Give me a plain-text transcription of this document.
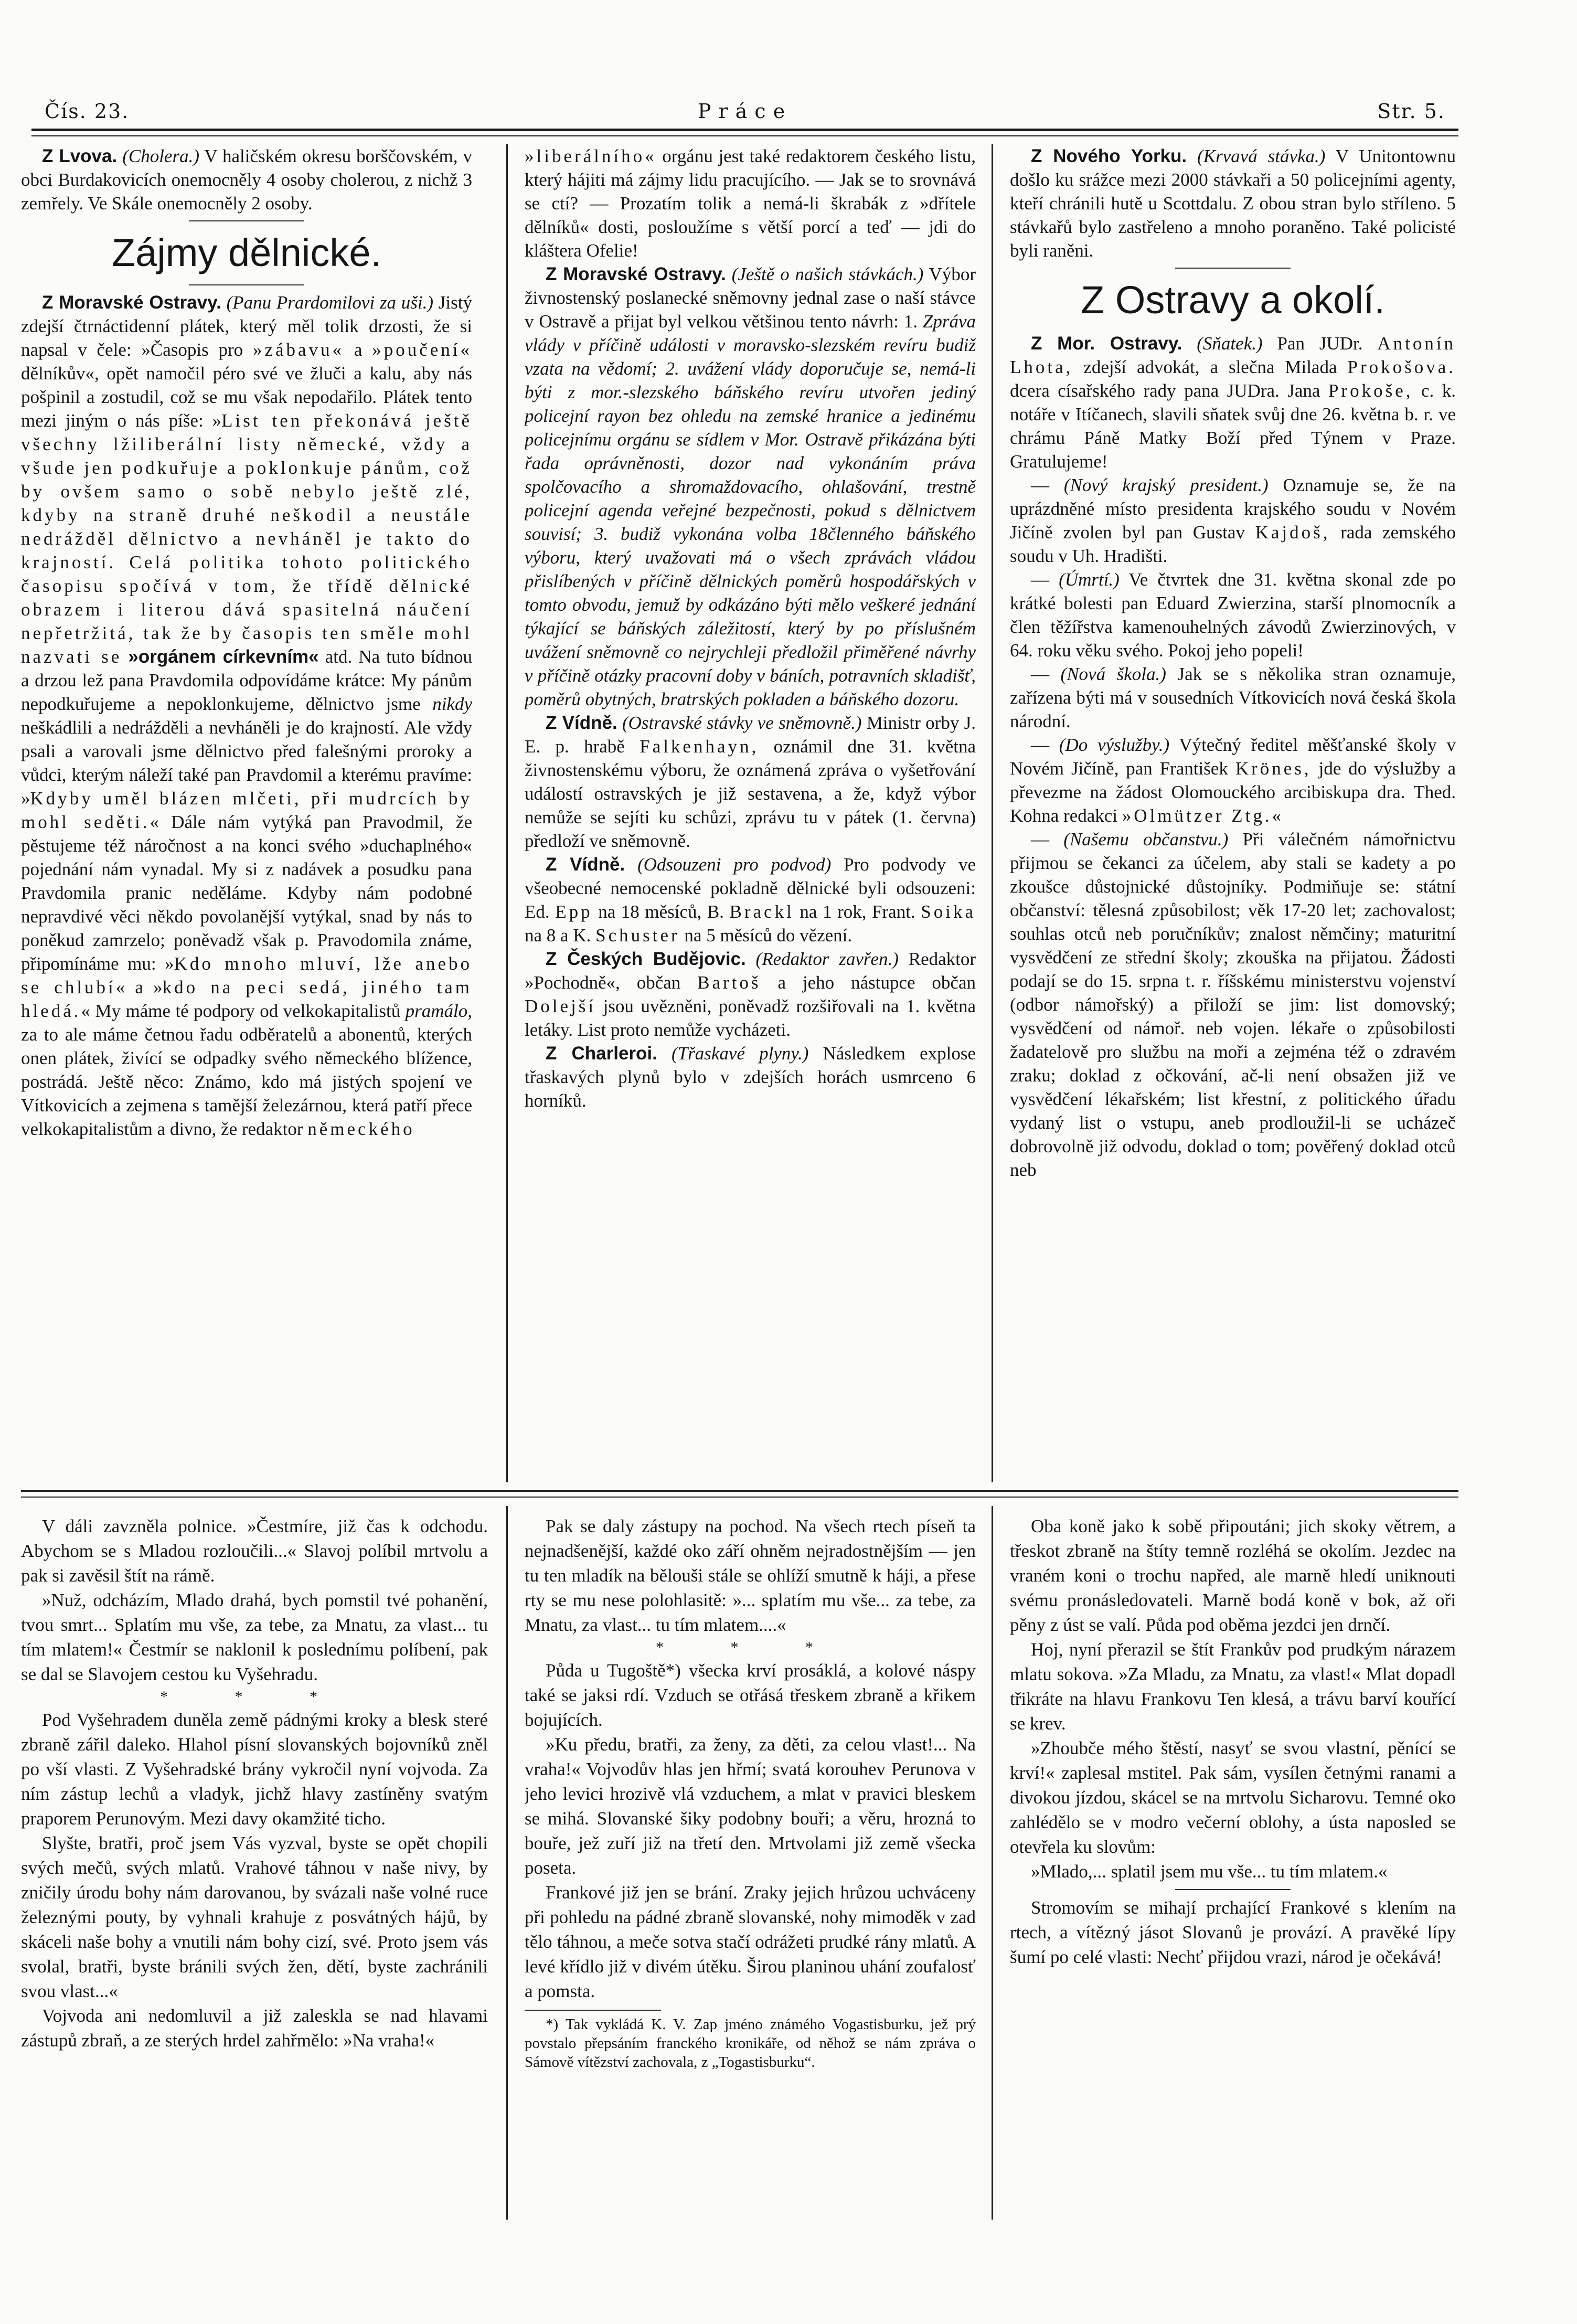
Čís. 23.	Práce	Str. 5.

Z Lvova. (Cholera.) V haličském okresu borščovském, v obci Burdakovicích onemocněly 4 osoby cholerou, z nichž 3 zemřely. Ve Skále onemocněly 2 osoby.

Zájmy dělnické.

Z Moravské Ostravy. (Panu Prardomilovi za uši.) Jistý zdejší čtrnáctidenní plátek, který měl tolik drzosti, že si napsal v čele: »Časopis pro »zábavu« a »poučení« dělníkův«, opět namočil péro své ve žluči a kalu, aby nás pošpinil a zostudil, což se mu však nepodařilo. Plátek tento mezi jiným o nás píše: »List ten překonává ještě všechny lžiliberální listy německé, vždy a všude jen podkuřuje a poklonkuje pánům, což by ovšem samo o sobě nebylo ještě zlé, kdyby na straně druhé neškodil a neustále nedrážděl dělnictvo a nevháněl je takto do krajností. Celá politika tohoto politického časopisu spočívá v tom, že třídě dělnické obrazem i literou dává spasitelná náučení nepřetržitá, tak že by časopis ten směle mohl nazvati se »orgánem církevním« atd. Na tuto bídnou a drzou lež pana Pravdomila odpovídáme krátce: My pánům nepodkuřujeme a nepoklonkujeme, dělnictvo jsme nikdy neškádlili a nedrážděli a nevháněli je do krajností. Ale vždy psali a varovali jsme dělnictvo před falešnými proroky a vůdci, kterým náleží také pan Pravdomil a kterému pravíme: »Kdyby uměl blázen mlčeti, při mudrcích by mohl seděti.« Dále nám vytýká pan Pravodmil, že pěstujeme též náročnost a na konci svého »duchaplného« pojednání nám vynadal. My si z nadávek a posudku pana Pravdomila pranic neděláme. Kdyby nám podobné nepravdivé věci někdo povolanější vytýkal, snad by nás to poněkud zamrzelo; poněvadž však p. Pravodomila známe, připomínáme mu: »Kdo mnoho mluví, lže anebo se chlubí« a »kdo na peci sedá, jiného tam hledá.« My máme té podpory od velkokapitalistů pramálo, za to ale máme četnou řadu odběratelů a abonentů, kterých onen plátek, živící se odpadky svého německého blížence, postrádá. Ještě něco: Známo, kdo má jistých spojení ve Vítkovicích a zejmena s tamější železárnou, která patří přece velkokapitalistům a divno, že redaktor německého

»liberálního« orgánu jest také redaktorem českého listu, který hájiti má zájmy lidu pracujícího. — Jak se to srovnává se ctí? — Prozatím tolik a nemá-li škrabák z »dřítele dělníků« dosti, posloužíme s větší porcí a teď — jdi do kláštera Ofelie!

Z Moravské Ostravy. (Ještě o našich stávkách.) Výbor živnostenský poslanecké sněmovny jednal zase o naší stávce v Ostravě a přijat byl velkou většinou tento návrh: 1. Zpráva vlády v příčině události v moravsko-slezském revíru budiž vzata na vědomí; 2. uvážení vlády doporučuje se, nemá-li býti z mor.-slezského báňského revíru utvořen jediný policejní rayon bez ohledu na zemské hranice a jedinému policejnímu orgánu se sídlem v Mor. Ostravě přikázána býti řada oprávněnosti, dozor nad vykonáním práva spolčovacího a shromaždovacího, ohlašování, trestně policejní agenda veřejné bezpečnosti, pokud s dělnictvem souvisí; 3. budiž vykonána volba 18členného báňského výboru, který uvažovati má o všech zprávách vládou přislíbených v příčině dělnických poměrů hospodářských v tomto obvodu, jemuž by odkázáno býti mělo veškeré jednání týkající se báňských záležitostí, který by po příslušném uvážení sněmovně co nejrychleji předložil přiměřené návrhy v příčině otázky pracovní doby v báních, potravních skladišť, poměrů obytných, bratrských pokladen a báňského dozoru.

Z Vídně. (Ostravské stávky ve sněmovně.) Ministr orby J. E. p. hrabě Falkenhayn, oznámil dne 31. května živnostenskému výboru, že oznámená zpráva o vyšetřování událostí ostravských je již sestavena, a že, když výbor nemůže se sejíti ku schůzi, zprávu tu v pátek (1. června) předloží ve sněmovně.

Z Vídně. (Odsouzeni pro podvod) Pro podvody ve všeobecné nemocenské pokladně dělnické byli odsouzeni: Ed. Epp na 18 měsíců, B. Brackl na 1 rok, Frant. Soika na 8 a K. Schuster na 5 měsíců do vězení.

Z Českých Budějovic. (Redaktor zavřen.) Redaktor »Pochodně«, občan Bartoš a jeho nástupce občan Dolejší jsou uvězněni, poněvadž rozšiřovali na 1. května letáky. List proto nemůže vycházeti.

Z Charleroi. (Třaskavé plyny.) Následkem explose třaskavých plynů bylo v zdejších horách usmrceno 6 horníků.

Z Nového Yorku. (Krvavá stávka.) V Unitontownu došlo ku srážce mezi 2000 stávkaři a 50 policejními agenty, kteří chránili hutě u Scottdalu. Z obou stran bylo stříleno. 5 stávkařů bylo zastřeleno a mnoho poraněno. Také policisté byli raněni.

Z Ostravy a okolí.

Z Mor. Ostravy. (Sňatek.) Pan JUDr. Antonín Lhota, zdejší advokát, a slečna Milada Prokošova. dcera císařského rady pana JUDra. Jana Prokoše, c. k. notáře v Itíčanech, slavili sňatek svůj dne 26. května b. r. ve chrámu Páně Matky Boží před Týnem v Praze. Gratulujeme!

— (Nový krajský president.) Oznamuje se, že na uprázdněné místo presidenta krajského soudu v Novém Jičíně zvolen byl pan Gustav Kajdoš, rada zemského soudu v Uh. Hradišti.

— (Úmrtí.) Ve čtvrtek dne 31. května skonal zde po krátké bolesti pan Eduard Zwierzina, starší plnomocník a člen těžířstva kamenouhelných závodů Zwierzinových, v 64. roku věku svého. Pokoj jeho popeli!

— (Nová škola.) Jak se s několika stran oznamuje, zařízena býti má v sousedních Vítkovicích nová česká škola národní.

— (Do výslužby.) Výtečný ředitel měšťanské školy v Novém Jičíně, pan František Krönes, jde do výslužby a převezme na žádost Olomouckého arcibiskupa dra. Thed. Kohna redakci »Olmützer Ztg.«

— (Našemu občanstvu.) Při válečném námořnictvu přijmou se čekanci za účelem, aby stali se kadety a po zkoušce důstojnické důstojníky. Podmiňuje se: státní občanství: tělesná způsobilost; věk 17-20 let; zachovalost; souhlas otců neb poručníkův; znalost němčiny; maturitní vysvědčení ze střední školy; zkouška na přijatou. Žádosti podají se do 15. srpna t. r. říšskému ministerstvu vojenství (odbor námořský) a přiloží se jim: list domovský; vysvědčení od námoř. neb vojen. lékaře o způsobilosti žadatelově pro službu na moři a zejména též o zdravém zraku; doklad z očkování, ač-li není obsažen již ve vysvědčení lékařském; list křestní, z politického úřadu vydaný list o vstupu, aneb prodloužil-li se ucházeč dobrovolně již odvodu, doklad o tom; pověřený doklad otců neb

V dáli zavzněla polnice. »Čestmíre, již čas k odchodu. Abychom se s Mladou rozloučili...« Slavoj políbil mrtvolu a pak si zavěsil štít na rámě.

»Nuž, odcházím, Mlado drahá, bych pomstil tvé pohanění, tvou smrt... Splatím mu vše, za tebe, za Mnatu, za vlast... tu tím mlatem!« Čestmír se naklonil k poslednímu políbení, pak se dal se Slavojem cestou ku Vyšehradu.

* * *

Pod Vyšehradem duněla země pádnými kroky a blesk steré zbraně zářil daleko. Hlahol písní slovanských bojovníků zněl po vší vlasti. Z Vyšehradské brány vykročil nyní vojvoda. Za ním zástup lechů a vladyk, jichž hlavy zastíněny svatým praporem Perunovým. Mezi davy okamžité ticho.

Slyšte, bratři, proč jsem Vás vyzval, byste se opět chopili svých mečů, svých mlatů. Vrahové táhnou v naše nivy, by zničily úrodu bohy nám darovanou, by svázali naše volné ruce železnými pouty, by vyhnali krahuje z posvátných hájů, by skáceli naše bohy a vnutili nám bohy cizí, své. Proto jsem vás svolal, bratři, byste bránili svých žen, dětí, byste zachránili svou vlast...«

Vojvoda ani nedomluvil a již zaleskla se nad hlavami zástupů zbraň, a ze sterých hrdel zahřmělo: »Na vraha!«

Pak se daly zástupy na pochod. Na všech rtech píseň ta nejnadšenější, každé oko září ohněm nejradostnějším — jen tu ten mladík na bělouši stále se ohlíží smutně k háji, a přese rty se mu nese polohlasitě: »... splatím mu vše... za tebe, za Mnatu, za vlast... tu tím mlatem....«

* * *

Půda u Tugoště*) všecka krví prosáklá, a kolové náspy také se jaksi rdí. Vzduch se otřásá třeskem zbraně a křikem bojujících.

»Ku předu, bratři, za ženy, za děti, za celou vlast!... Na vraha!« Vojvodův hlas jen hřmí; svatá korouhev Perunova v jeho levici hrozivě vlá vzduchem, a mlat v pravici bleskem se mihá. Slovanské šiky podobny bouři; a věru, hrozná to bouře, jež zuří již na třetí den. Mrtvolami již země všecka poseta.

Frankové již jen se brání. Zraky jejich hrůzou uchváceny při pohledu na pádné zbraně slovanské, nohy mimoděk v zad tělo táhnou, a meče sotva stačí odrážeti prudké rány mlatů. A levé křídlo již v divém útěku. Širou planinou uhání zoufalosť a pomsta.

*) Tak vykládá K. V. Zap jméno známého Vogastisburku, jež prý povstalo přepsáním franckého kronikáře, od něhož se nám zpráva o Sámově vítězství zachovala, z „Togastisburku“.

Oba koně jako k sobě připoutáni; jich skoky větrem, a třeskot zbraně na štíty temně rozléhá se okolím. Jezdec na vraném koni o trochu napřed, ale marně hledí uniknouti svému pronásledovateli. Marně bodá koně v bok, až oři pěny z úst se valí. Půda pod oběma jezdci jen drnčí.

Hoj, nyní přerazil se štít Frankův pod prudkým nárazem mlatu sokova. »Za Mladu, za Mnatu, za vlast!« Mlat dopadl třikráte na hlavu Frankovu Ten klesá, a trávu barví kouřící se krev.

»Zhoubče mého štěstí, nasyť se svou vlastní, pěnící se krví!« zaplesal mstitel. Pak sám, vysílen četnými ranami a divokou jízdou, skácel se na mrtvolu Sicharovu. Temné oko zahlédělo se v modro večerní oblohy, a ústa naposled se otevřela ku slovům:

»Mlado,... splatil jsem mu vše... tu tím mlatem.«

Stromovím se mihají prchající Frankové s klením na rtech, a vítězný jásot Slovanů je provází. A pravěké lípy šumí po celé vlasti: Nechť přijdou vrazi, národ je očekává!
